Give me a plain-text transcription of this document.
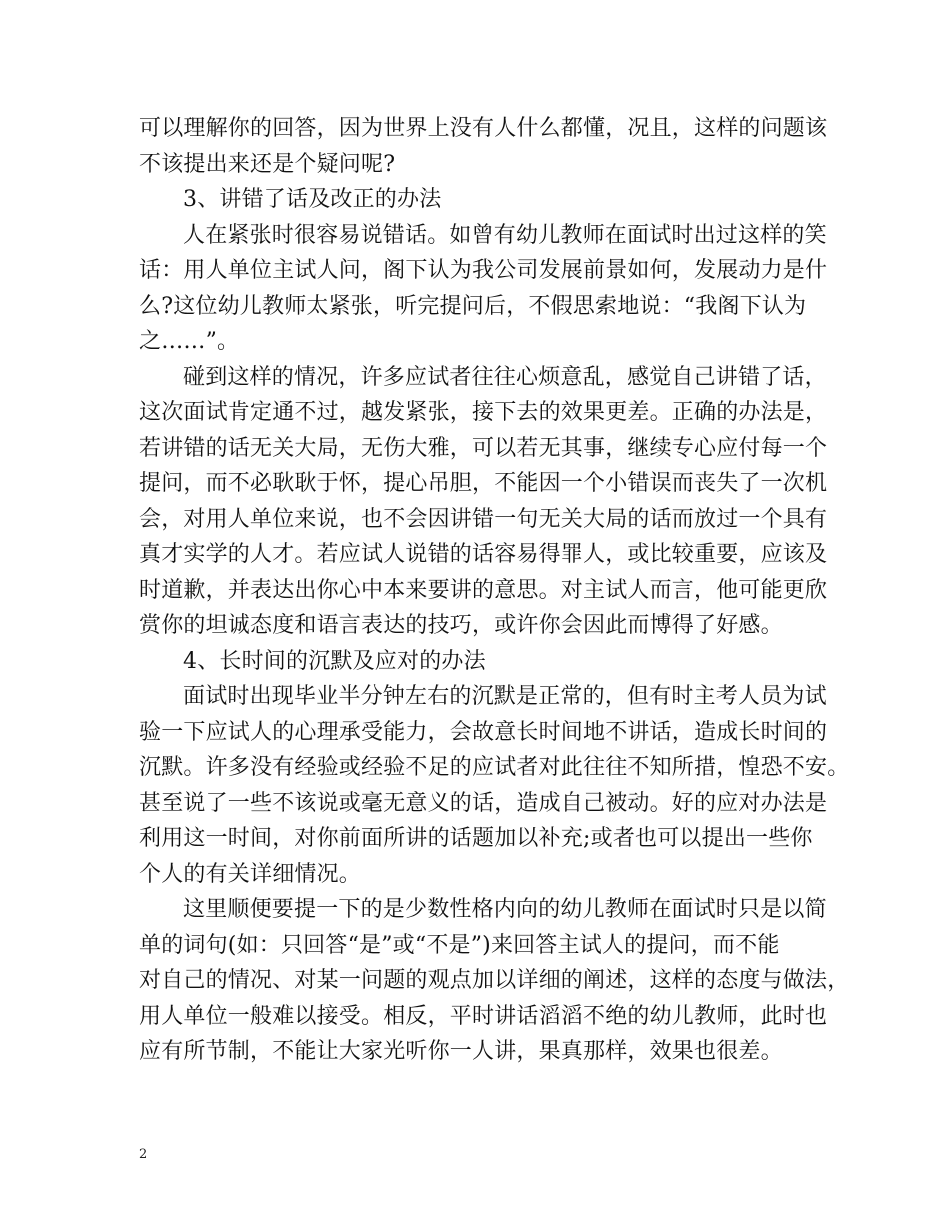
可以理解你的回答，因为世界上没有人什么都懂，况且，这样的问题该
不该提出来还是个疑问呢?
3、讲错了话及改正的办法
人在紧张时很容易说错话。如曾有幼儿教师在面试时出过这样的笑
话：用人单位主试人问，阁下认为我公司发展前景如何，发展动力是什
么?这位幼儿教师太紧张，听完提问后，不假思索地说：“我阁下认为
之……”。
碰到这样的情况，许多应试者往往心烦意乱，感觉自己讲错了话，
这次面试肯定通不过，越发紧张，接下去的效果更差。正确的办法是，
若讲错的话无关大局，无伤大雅，可以若无其事，继续专心应付每一个
提问，而不必耿耿于怀，提心吊胆，不能因一个小错误而丧失了一次机
会，对用人单位来说，也不会因讲错一句无关大局的话而放过一个具有
真才实学的人才。若应试人说错的话容易得罪人，或比较重要，应该及
时道歉，并表达出你心中本来要讲的意思。对主试人而言，他可能更欣
赏你的坦诚态度和语言表达的技巧，或许你会因此而博得了好感。
4、长时间的沉默及应对的办法
面试时出现毕业半分钟左右的沉默是正常的，但有时主考人员为试
验一下应试人的心理承受能力，会故意长时间地不讲话，造成长时间的
沉默。许多没有经验或经验不足的应试者对此往往不知所措，惶恐不安。
甚至说了一些不该说或毫无意义的话，造成自己被动。好的应对办法是
利用这一时间，对你前面所讲的话题加以补充;或者也可以提出一些你
个人的有关详细情况。
这里顺便要提一下的是少数性格内向的幼儿教师在面试时只是以简
单的词句(如：只回答“是”或“不是”)来回答主试人的提问，而不能
对自己的情况、对某一问题的观点加以详细的阐述，这样的态度与做法，
用人单位一般难以接受。相反，平时讲话滔滔不绝的幼儿教师，此时也
应有所节制，不能让大家光听你一人讲，果真那样，效果也很差。
2
